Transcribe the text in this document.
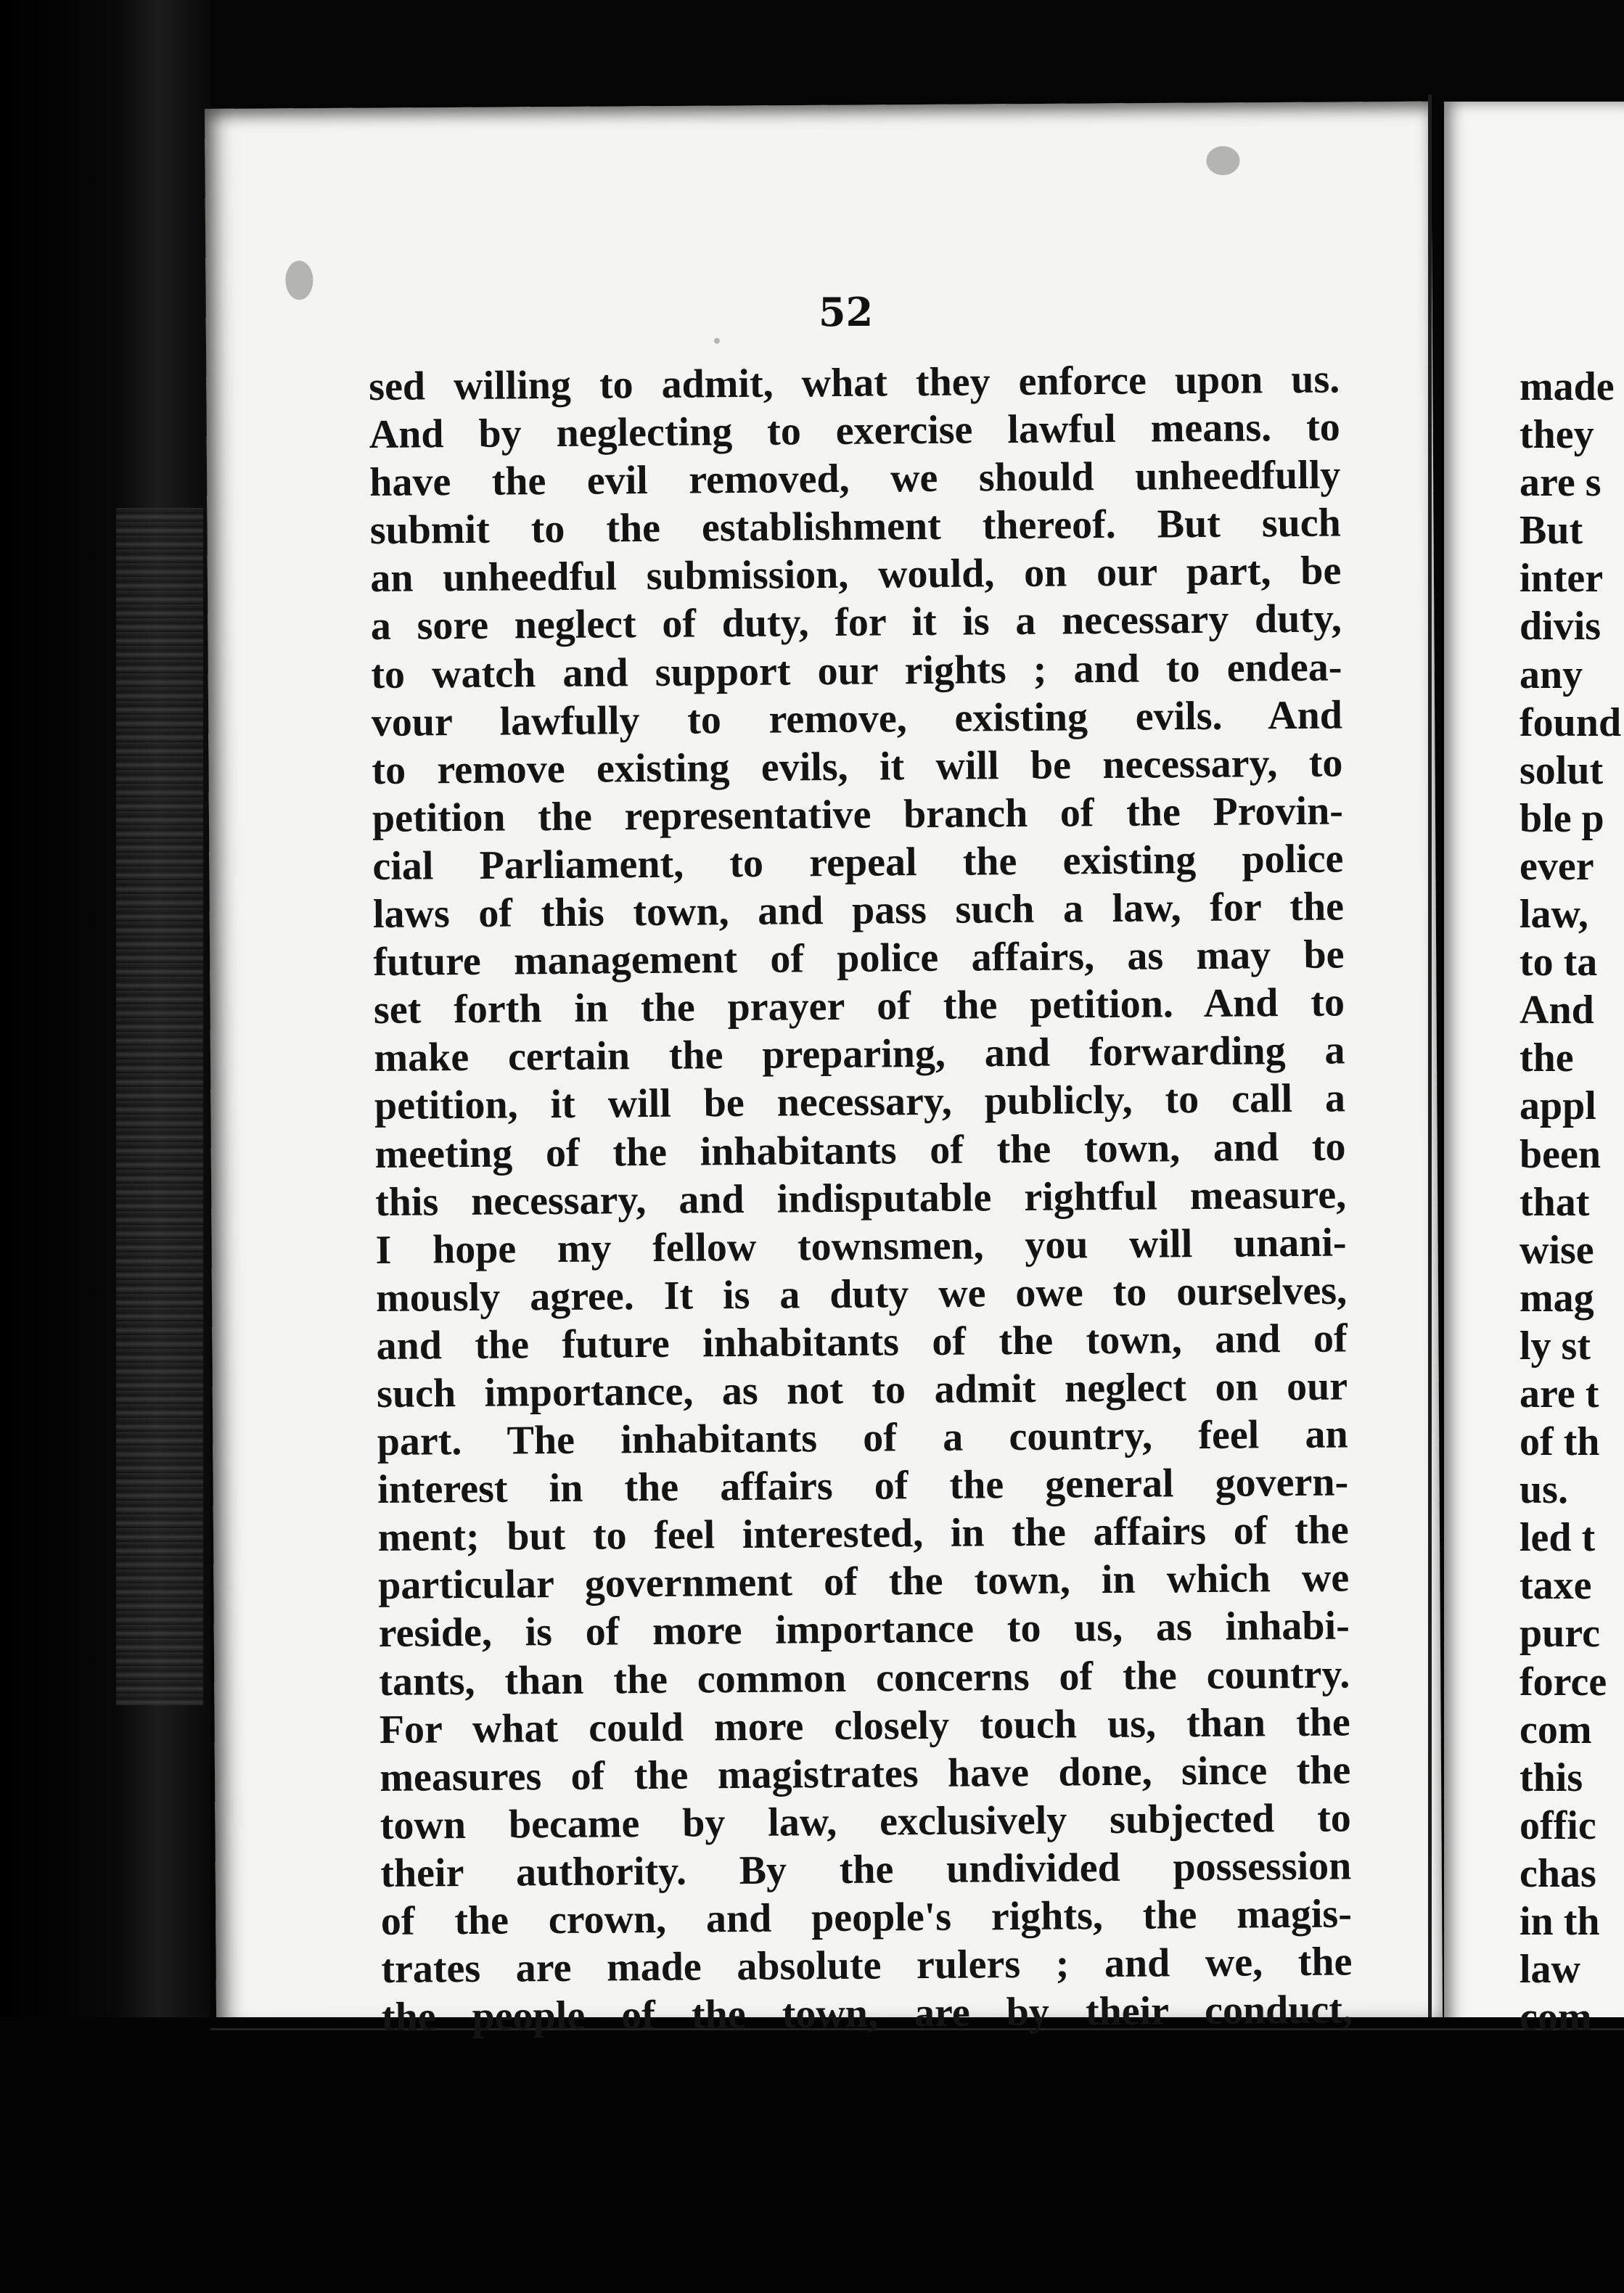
52
sed willing to admit, what they enforce upon us.
And by neglecting to exercise lawful means. to
have the evil removed, we should unheedfully
submit to the establishment thereof. But such
an unheedful submission, would, on our part, be
a sore neglect of duty, for it is a necessary duty,
to watch and support our rights ; and to endea-
vour lawfully to remove, existing evils. And
to remove existing evils, it will be necessary, to
petition the representative branch of the Provin-
cial Parliament, to repeal the existing police
laws of this town, and pass such a law, for the
future management of police affairs, as may be
set forth in the prayer of the petition. And to
make certain the preparing, and forwarding a
petition, it will be necessary, publicly, to call a
meeting of the inhabitants of the town, and to
this necessary, and indisputable rightful measure,
I hope my fellow townsmen, you will unani-
mously agree. It is a duty we owe to ourselves,
and the future inhabitants of the town, and of
such importance, as not to admit neglect on our
part. The inhabitants of a country, feel an
interest in the affairs of the general govern-
ment; but to feel interested, in the affairs of the
particular government of the town, in which we
reside, is of more importance to us, as inhabi-
tants, than the common concerns of the country.
For what could more closely touch us, than the
measures of the magistrates have done, since the
town became by law, exclusively subjected to
their authority. By the undivided possession
of the crown, and people's rights, the magis-
trates are made absolute rulers ; and we, the
the people of the town, are by their conduct,
made
they
are s
But
inter
divis
any
found
solut
ble p
ever
law,
to ta
And
the
appl
been
that
wise
mag
ly st
are t
of th
us.
led t
taxe
purc
force
com
this
offic
chas
in th
law
com
